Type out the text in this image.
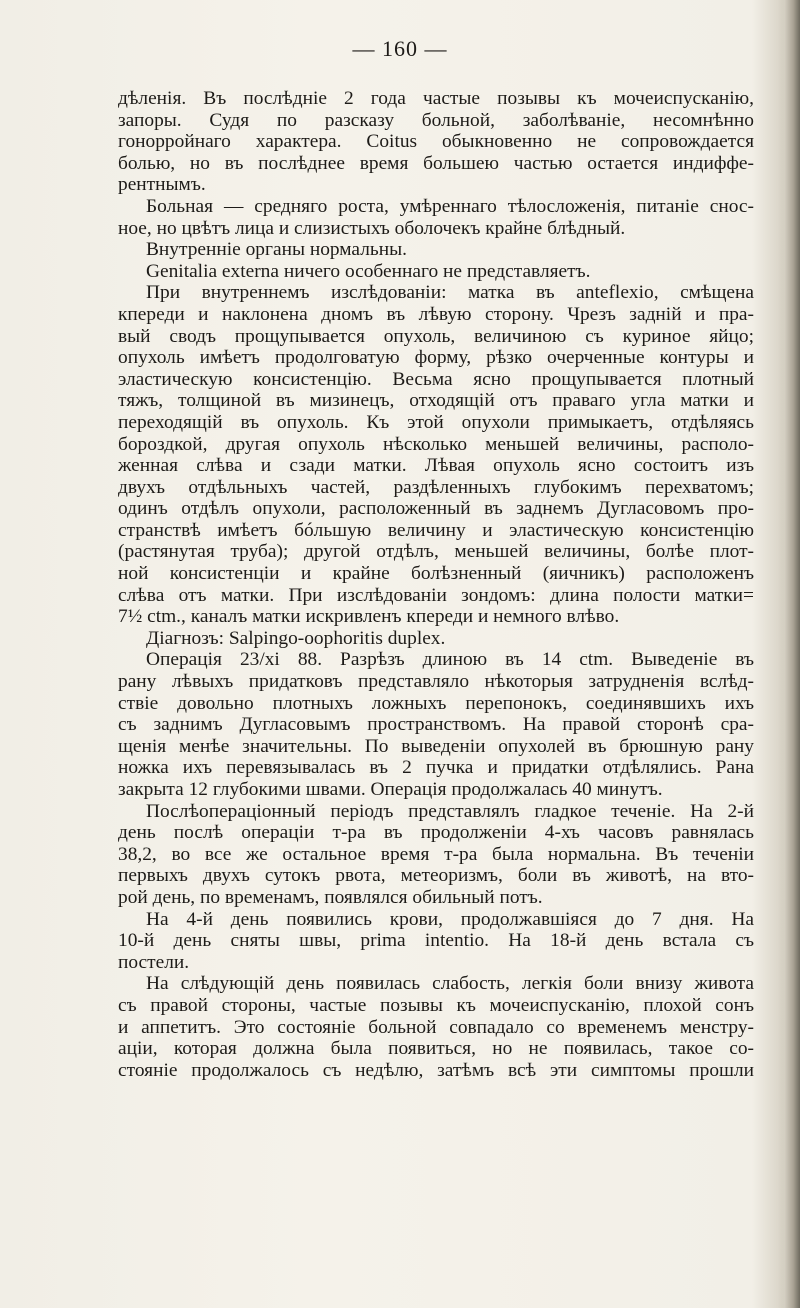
— 160 —

дѣленія. Въ послѣдніе 2 года частые позывы къ мочеиспусканію,

запоры. Судя по разсказу больной, заболѣваніе, несомнѣнно

гонорройнаго характера. Coitus обыкновенно не сопровождается

болью, но въ послѣднее время большею частью остается индиффе-

рентнымъ.

Больная — средняго роста, умѣреннаго тѣлосложенія, питаніе снос-

ное, но цвѣтъ лица и слизистыхъ оболочекъ крайне блѣдный.

Внутренніе органы нормальны.

Genitalia externa ничего особеннаго не представляетъ.

При внутреннемъ изслѣдованіи: матка въ anteflexio, смѣщена

кпереди и наклонена дномъ въ лѣвую сторону. Чрезъ задній и пра-

вый сводъ прощупывается опухоль, величиною съ куриное яйцо;

опухоль имѣетъ продолговатую форму, рѣзко очерченные контуры и

эластическую консистенцію. Весьма ясно прощупывается плотный

тяжъ, толщиной въ мизинецъ, отходящій отъ праваго угла матки и

переходящій въ опухоль. Къ этой опухоли примыкаетъ, отдѣляясь

бороздкой, другая опухоль нѣсколько меньшей величины, располо-

женная слѣва и сзади матки. Лѣвая опухоль ясно состоитъ изъ

двухъ отдѣльныхъ частей, раздѣленныхъ глубокимъ перехватомъ;

одинъ отдѣлъ опухоли, расположенный въ заднемъ Дугласовомъ про-

странствѣ имѣетъ бóльшую величину и эластическую консистенцію

(растянутая труба); другой отдѣлъ, меньшей величины, болѣе плот-

ной консистенціи и крайне болѣзненный (яичникъ) расположенъ

слѣва отъ матки. При изслѣдованіи зондомъ: длина полости матки=

7½ ctm., каналъ матки искривленъ кпереди и немного влѣво.

Діагнозъ: Salpingo-oophoritis duplex.

Операція 23/xi 88. Разрѣзъ длиною въ 14 ctm. Выведеніе въ

рану лѣвыхъ придатковъ представляло нѣкоторыя затрудненія вслѣд-

ствіе довольно плотныхъ ложныхъ перепонокъ, соединявшихъ ихъ

съ заднимъ Дугласовымъ пространствомъ. На правой сторонѣ сра-

щенія менѣе значительны. По выведеніи опухолей въ брюшную рану

ножка ихъ перевязывалась въ 2 пучка и придатки отдѣлялись. Рана

закрыта 12 глубокими швами. Операція продолжалась 40 минутъ.

Послѣопераціонный періодъ представлялъ гладкое теченіе. На 2-й

день послѣ операціи т-ра въ продолженіи 4-хъ часовъ равнялась

38,2, во все же остальное время т-ра была нормальна. Въ теченіи

первыхъ двухъ сутокъ рвота, метеоризмъ, боли въ животѣ, на вто-

рой день, по временамъ, появлялся обильный потъ.

На 4-й день появились крови, продолжавшіяся до 7 дня. На

10-й день сняты швы, prima intentio. На 18-й день встала съ

постели.

На слѣдующій день появилась слабость, легкія боли внизу живота

съ правой стороны, частые позывы къ мочеиспусканію, плохой сонъ

и аппетитъ. Это состояніе больной совпадало со временемъ менстру-

аціи, которая должна была появиться, но не появилась, такое со-

стояніе продолжалось съ недѣлю, затѣмъ всѣ эти симптомы прошли
